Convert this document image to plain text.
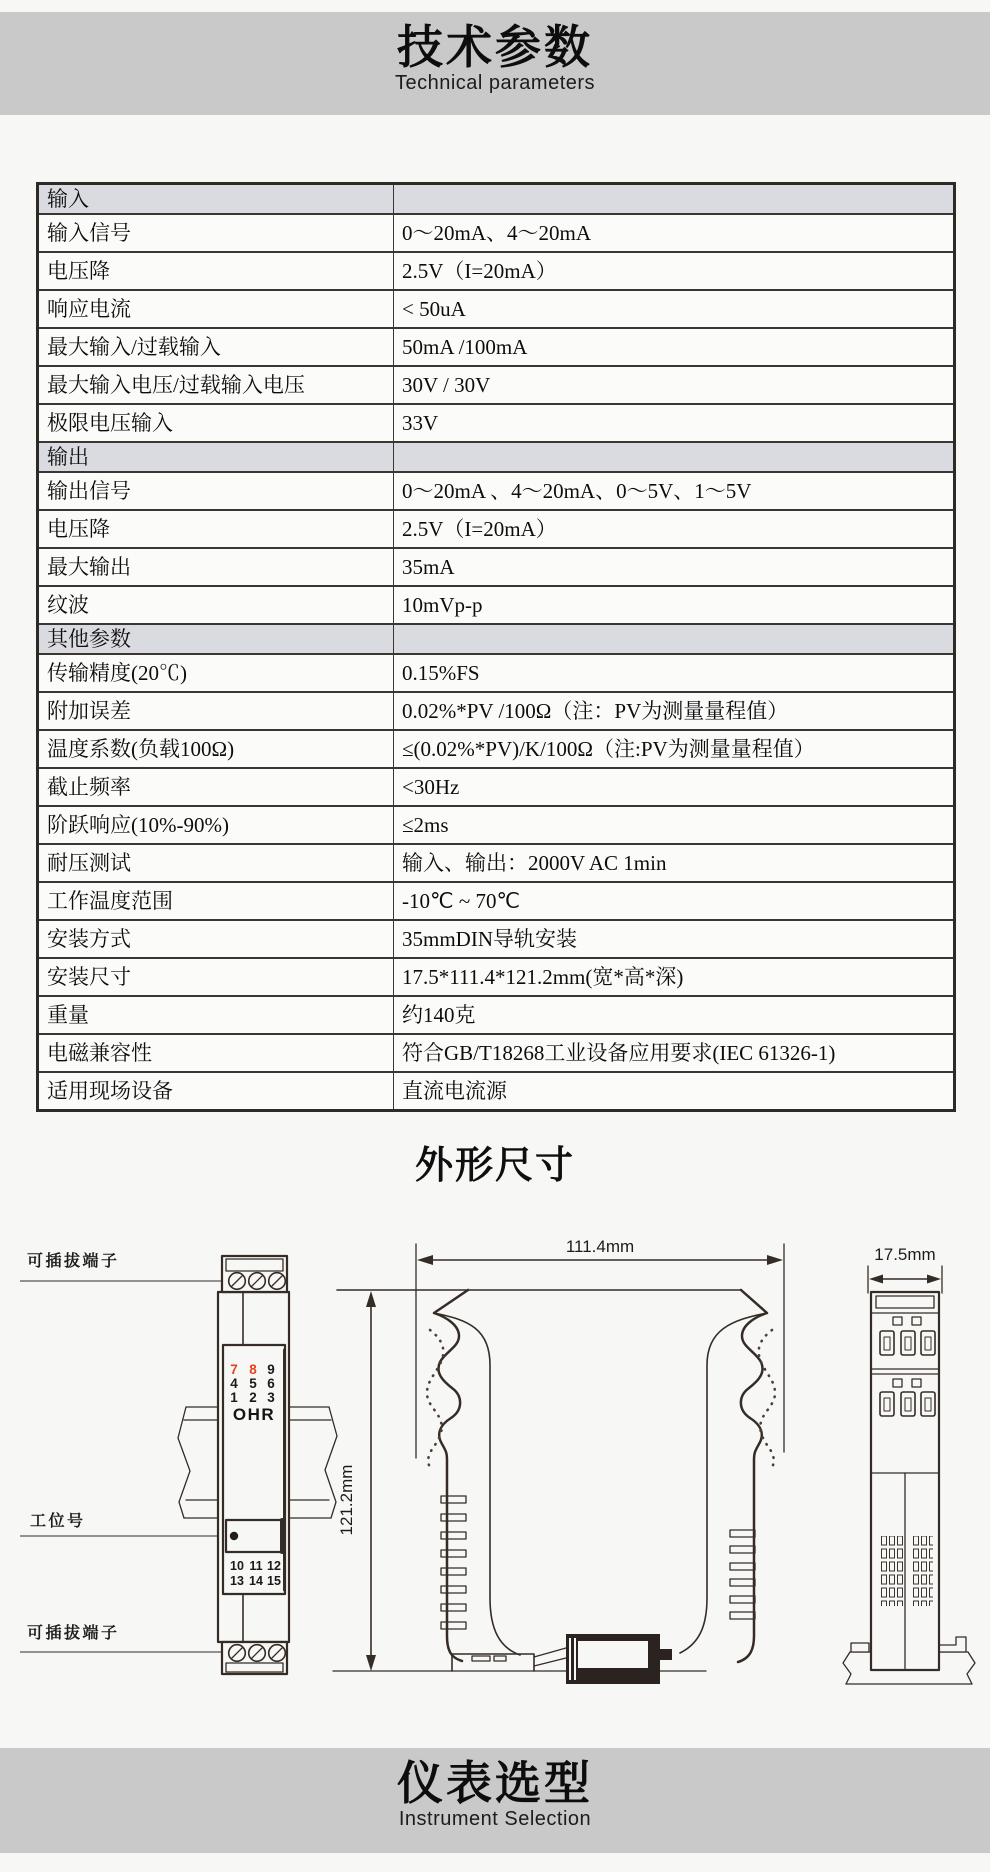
技术参数
Technical parameters
输入	
输入信号	0～20mA、4～20mA
电压降	2.5V（I=20mA）
响应电流	< 50uA
最大输入/过载输入	50mA /100mA
最大输入电压/过载输入电压	30V / 30V
极限电压输入	33V
输出	
输出信号	0～20mA 、4～20mA、0～5V、1～5V
电压降	2.5V（I=20mA）
最大输出	35mA
纹波	10mVp-p
其他参数	
传输精度(20℃)	0.15%FS
附加误差	0.02%*PV /100Ω（注：PV为测量量程值）
温度系数(负载100Ω)	≤(0.02%*PV)/K/100Ω（注:PV为测量量程值）
截止频率	<30Hz
阶跃响应(10%-90%)	≤2ms
耐压测试	输入、输出：2000V AC 1min
工作温度范围	-10℃ ~ 70℃
安装方式	35mmDIN导轨安装
安装尺寸	17.5*111.4*121.2mm(宽*高*深)
重量	约140克
电磁兼容性	符合GB/T18268工业设备应用要求(IEC 61326-1)
适用现场设备	直流电流源
外形尺寸
可插拔端子
工位号
可插拔端子
7 8 9
4 5 6
1 2 3
OHR
10 11 12
13 14 15
111.4mm
121.2mm
17.5mm
仪表选型
Instrument Selection
